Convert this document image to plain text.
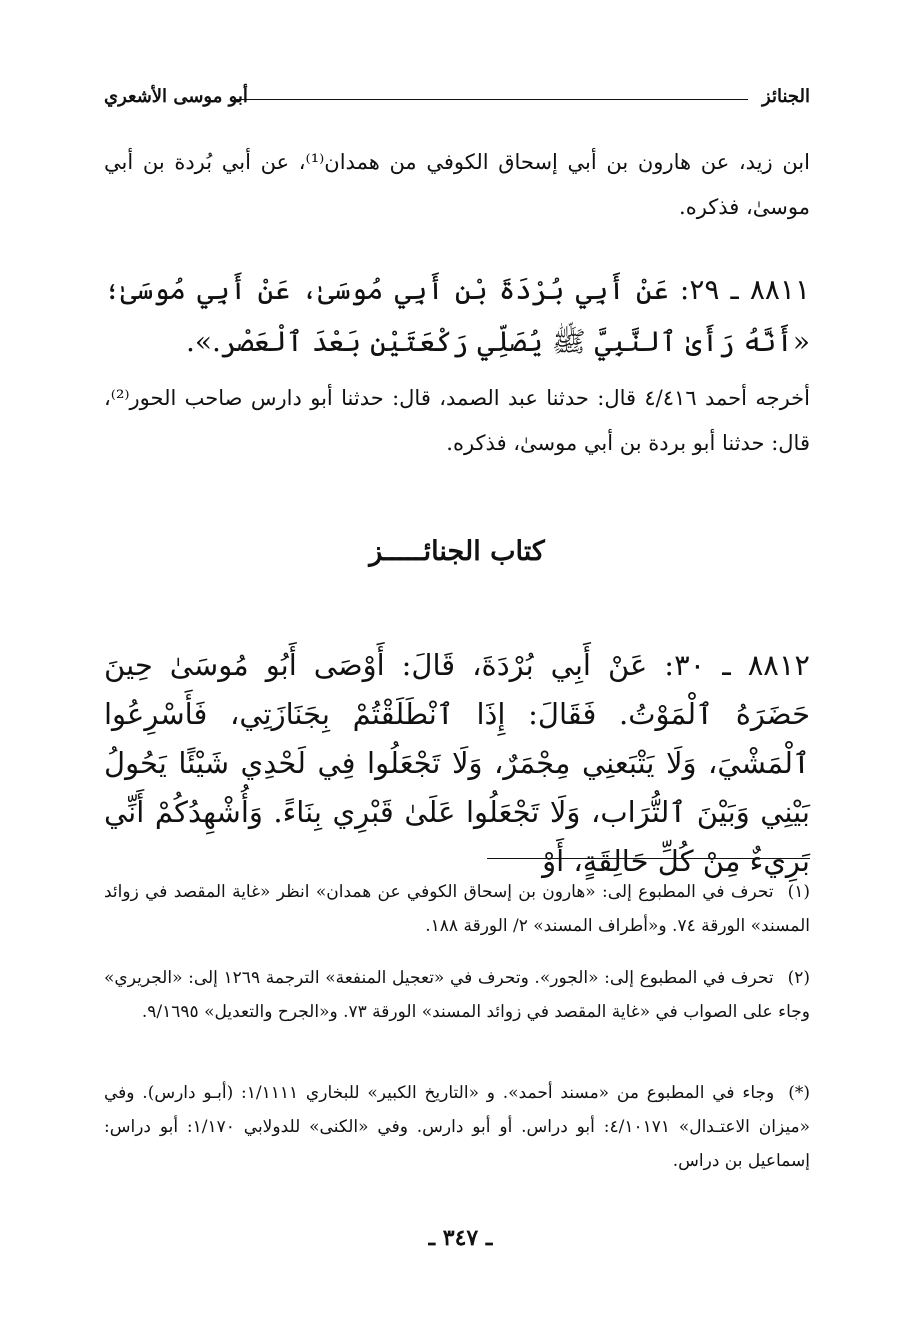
الجنائز
أبو موسى الأشعري
ابن زيد، عن هارون بن أبي إسحاق الكوفي من همدان⁽¹⁾، عن أبي بُردة بن أبي موسىٰ، فذكره.
٨٨١١ ـ ٢٩: عَنْ أَبِي بُرْدَةَ بْن أَبِي مُوسَىٰ، عَنْ أَبِي مُوسَىٰ؛ «أَنَّهُ رَأَىٰ ٱلنَّبِيَّ ﷺ يُصَلِّي رَكْعَتَيْن بَعْدَ ٱلْعَصْر.».
أخرجه أحمد ٤/٤١٦ قال: حدثنا عبد الصمد، قال: حدثنا أبو دارس صاحب الحور⁽²⁾، قال: حدثنا أبو بردة بن أبي موسىٰ، فذكره.
كتاب الجنائـــــز
٨٨١٢ ـ ٣٠: عَنْ أَبِي بُرْدَةَ، قَالَ: أَوْصَى أَبُو مُوسَىٰ حِينَ حَضَرَهُ ٱلْمَوْتُ. فَقَالَ: إِذَا ٱنْطَلَقْتُمْ بِجَنَازَتِي، فَأَسْرِعُوا ٱلْمَشْيَ، وَلَا يَتْبَعنِي مِجْمَرٌ، وَلَا تَجْعَلُوا فِي لَحْدِي شَيْئًا يَحُولُ بَيْنِي وَبَيْنَ ٱلتُّرَاب، وَلَا تَجْعَلُوا عَلَىٰ قَبْرِي بِنَاءً. وَأُشْهِدُكُمْ أَنِّي بَرِيءٌ مِنْ كُلِّ حَالِقَةٍ، أَوْ
(١)تحرف في المطبوع إلى: «هارون بن إسحاق الكوفي عن همدان» انظر «غاية المقصد في زوائد المسند» الورقة ٧٤. و«أطراف المسند» ٢/ الورقة ١٨٨.
(٢)تحرف في المطبوع إلى: «الجور». وتحرف في «تعجيل المنفعة» الترجمة ١٢٦٩ إلى: «الجريري» وجاء على الصواب في «غاية المقصد في زوائد المسند» الورقة ٧٣. و«الجرح والتعديل» ٩/١٦٩٥.
(*)وجاء في المطبوع من «مسند أحمد». و «التاريخ الكبير» للبخاري ١/١١١١: (أبـو دارس). وفي «ميزان الاعتـدال» ٤/١٠١٧١: أبو دراس. أو أبو دارس. وفي «الكنى» للدولابي ١/١٧٠: أبو دراس: إسماعيل بن دراس.
ـ ٣٤٧ ـ
